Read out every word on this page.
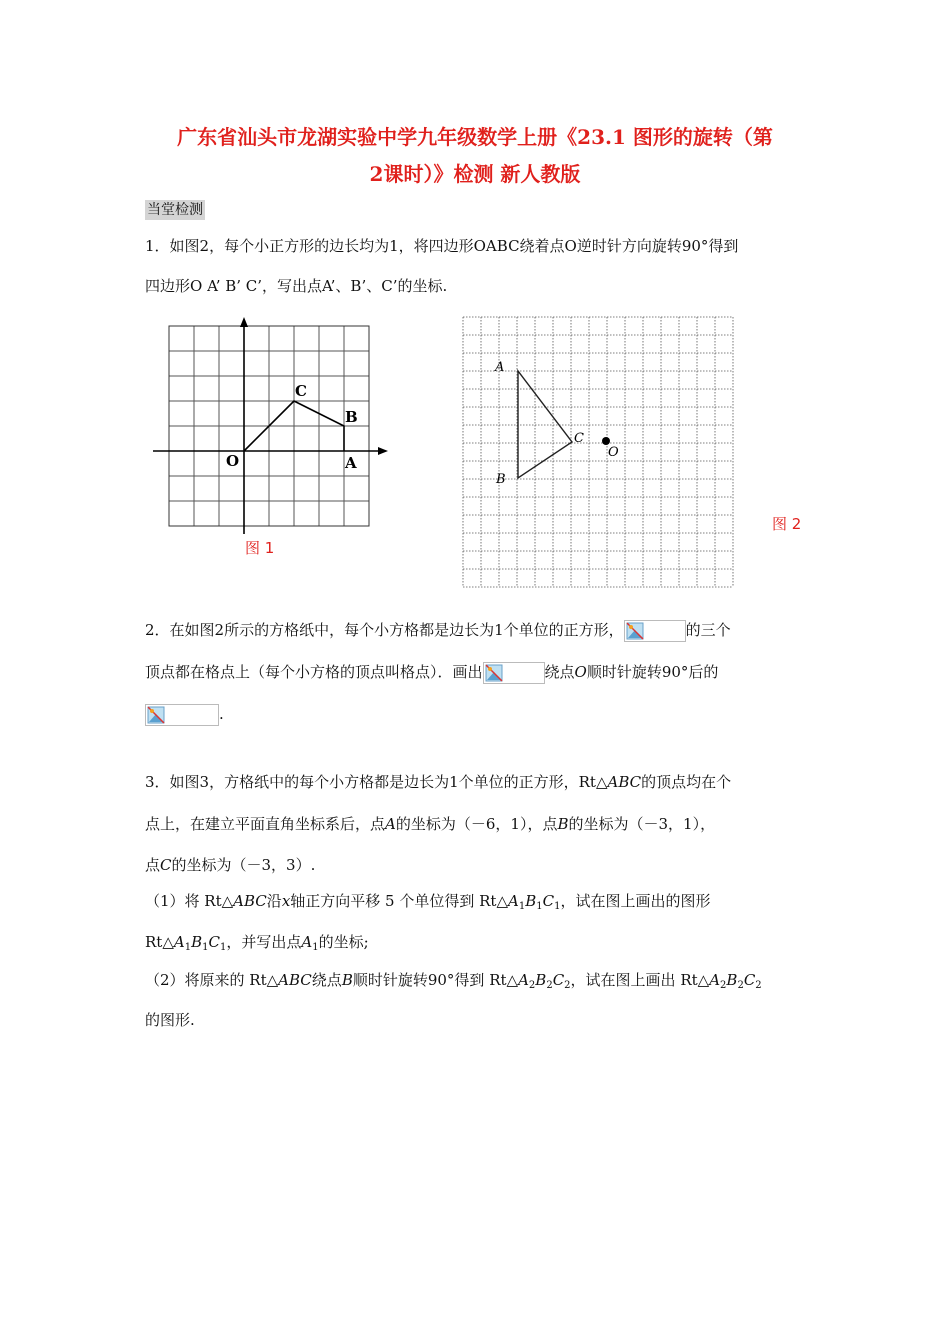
广东省汕头市龙湖实验中学九年级数学上册《23.1 图形的旋转（第
2课时）》检测 新人教版
当堂检测
1．如图2，每个小正方形的边长均为1，将四边形OABC绕着点O逆时针方向旋转90°得到
四边形O A’ B’ C’，写出点A’、B’、C’的坐标.
O
C
B
A
图 1
A
B
C
O
图 2
2．在如图2所示的方格纸中，每个小方格都是边长为1个单位的正方形，	的三个
顶点都在格点上（每个小方格的顶点叫格点）．画出	绕点O顺时针旋转90°后的
.
3．如图3，方格纸中的每个小方格都是边长为1个单位的正方形，Rt△ABC的顶点均在个
点上，在建立平面直角坐标系后，点A的坐标为（－6，1），点B的坐标为（－3，1），
点C的坐标为（－3，3）.
（1）将 Rt△ABC沿x轴正方向平移 5 个单位得到 $Rt\triangle A_1B_1C_1$，试在图上画出的图形
$Rt\triangle A_1B_1C_1$，并写出点$A_1$的坐标;
（2）将原来的 Rt△ABC绕点B顺时针旋转90°得到 $Rt\triangle A_2B_2C_2$，试在图上画出 $Rt\triangle A_2B_2C_2$
的图形.
